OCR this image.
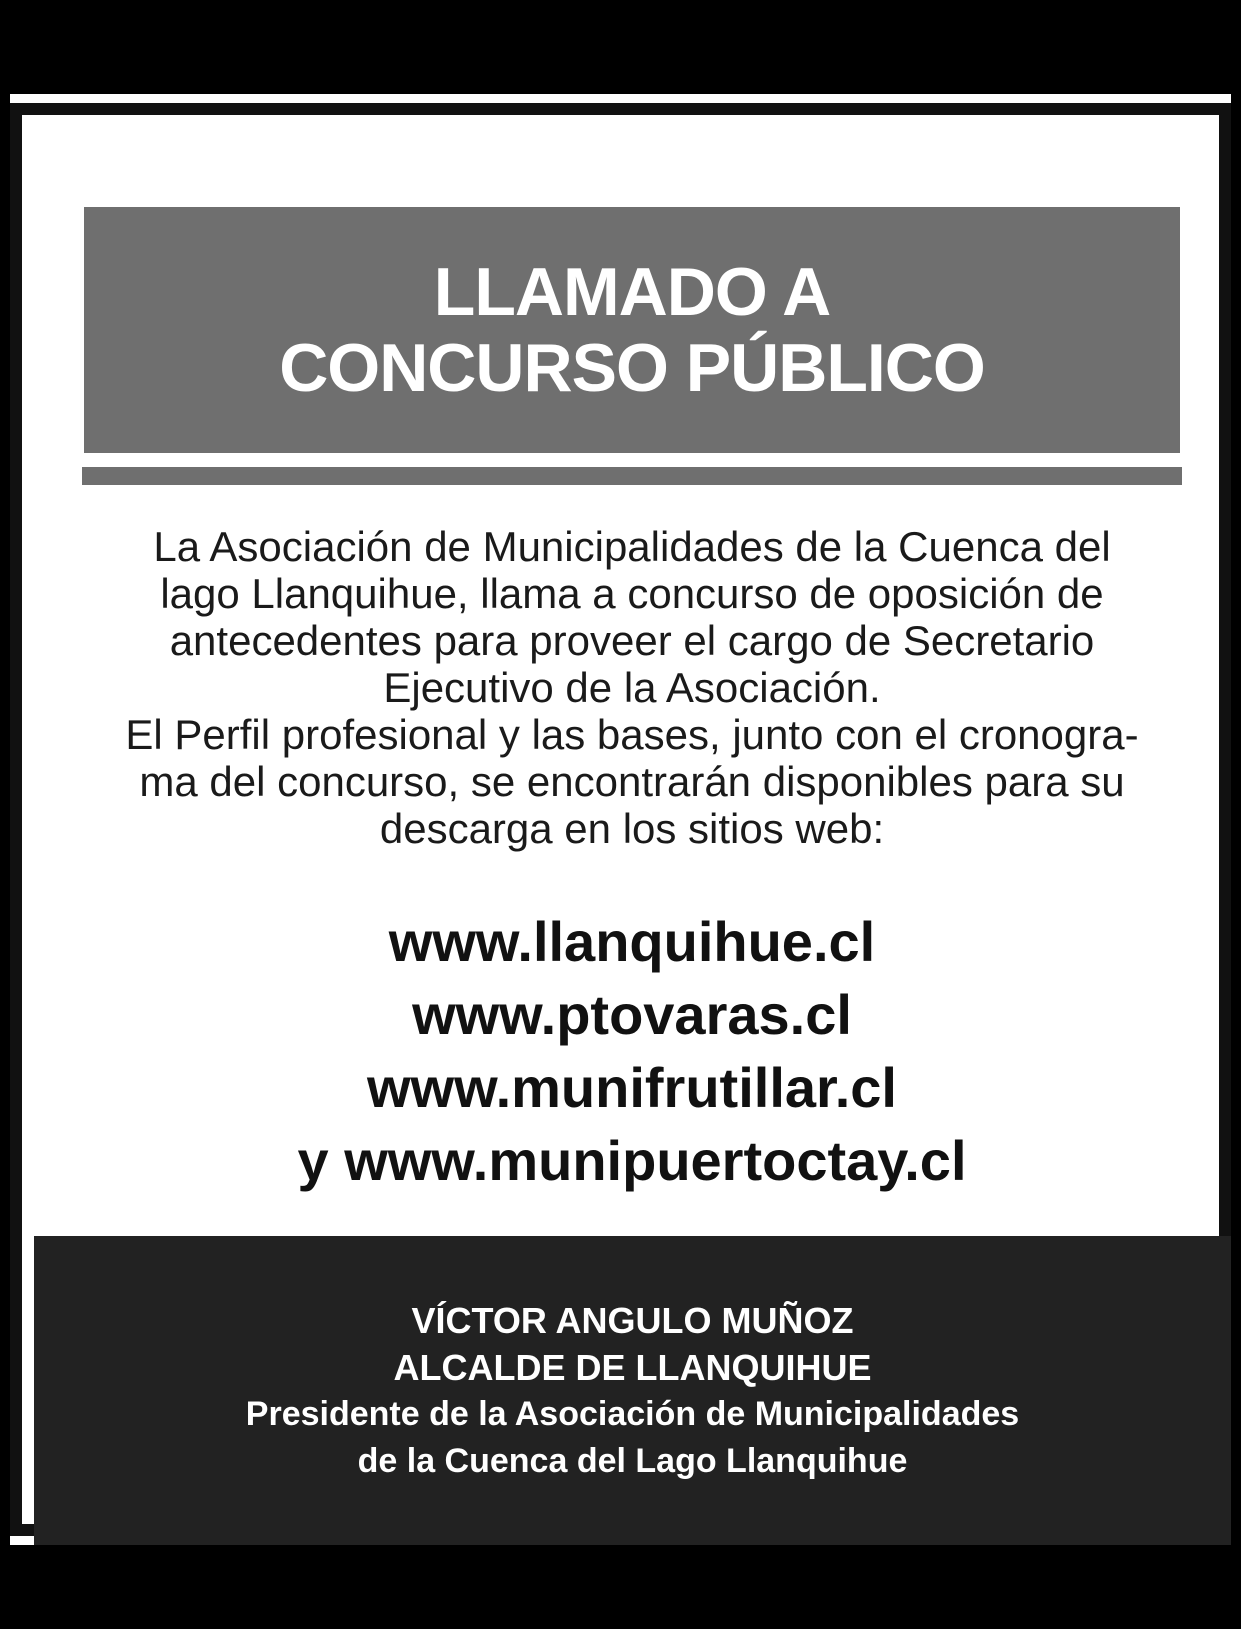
LLAMADO A
CONCURSO PÚBLICO
La Asociación de Municipalidades de la Cuenca del
lago Llanquihue, llama a concurso de oposición de
antecedentes para proveer el cargo de Secretario
Ejecutivo de la Asociación.
El Perfil profesional y las bases, junto con el cronogra-
ma del concurso, se encontrarán disponibles para su
descarga en los sitios web:
www.llanquihue.cl
www.ptovaras.cl
www.munifrutillar.cl
y www.munipuertoctay.cl
VÍCTOR ANGULO MUÑOZ
ALCALDE DE LLANQUIHUE
Presidente de la Asociación de Municipalidades
de la Cuenca del Lago Llanquihue
